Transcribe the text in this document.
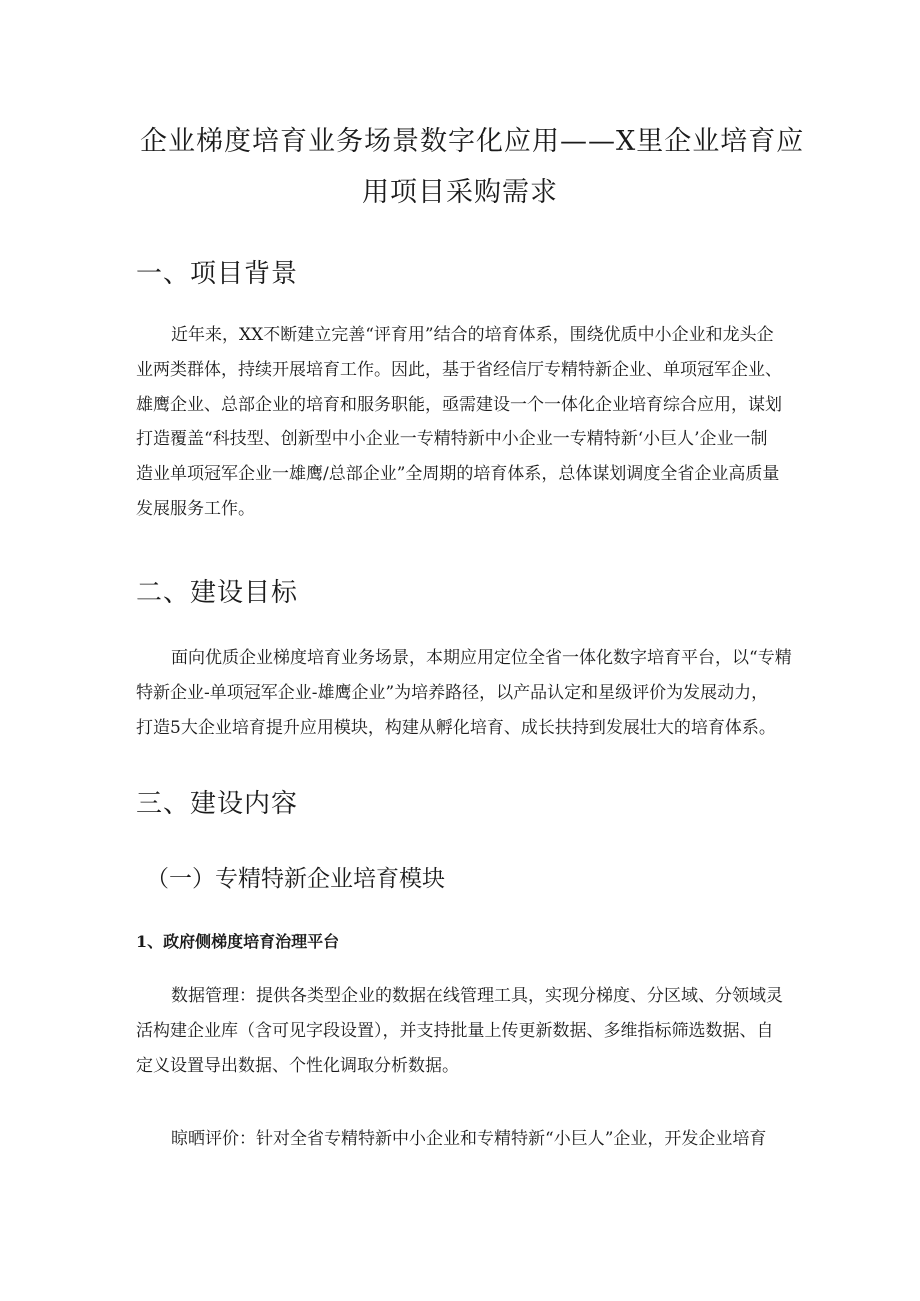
企业梯度培育业务场景数字化应用——X里企业培育应
用项目采购需求
一、项目背景
近年来，XX不断建立完善“评育用”结合的培育体系，围绕优质中小企业和龙头企
业两类群体，持续开展培育工作。因此，基于省经信厅专精特新企业、单项冠军企业、
雄鹰企业、总部企业的培育和服务职能，亟需建设一个一体化企业培育综合应用，谋划
打造覆盖“科技型、创新型中小企业一专精特新中小企业一专精特新‘小巨人’企业一制
造业单项冠军企业一雄鹰/总部企业”全周期的培育体系，总体谋划调度全省企业高质量
发展服务工作。
二、建设目标
面向优质企业梯度培育业务场景，本期应用定位全省一体化数字培育平台，以“专精
特新企业-单项冠军企业-雄鹰企业”为培养路径，以产品认定和星级评价为发展动力，
打造5大企业培育提升应用模块，构建从孵化培育、成长扶持到发展壮大的培育体系。
三、建设内容
（一）专精特新企业培育模块
1、政府侧梯度培育治理平台
数据管理：提供各类型企业的数据在线管理工具，实现分梯度、分区域、分领域灵
活构建企业库（含可见字段设置），并支持批量上传更新数据、多维指标筛选数据、自
定义设置导出数据、个性化调取分析数据。
晾晒评价：针对全省专精特新中小企业和专精特新“小巨人”企业，开发企业培育
